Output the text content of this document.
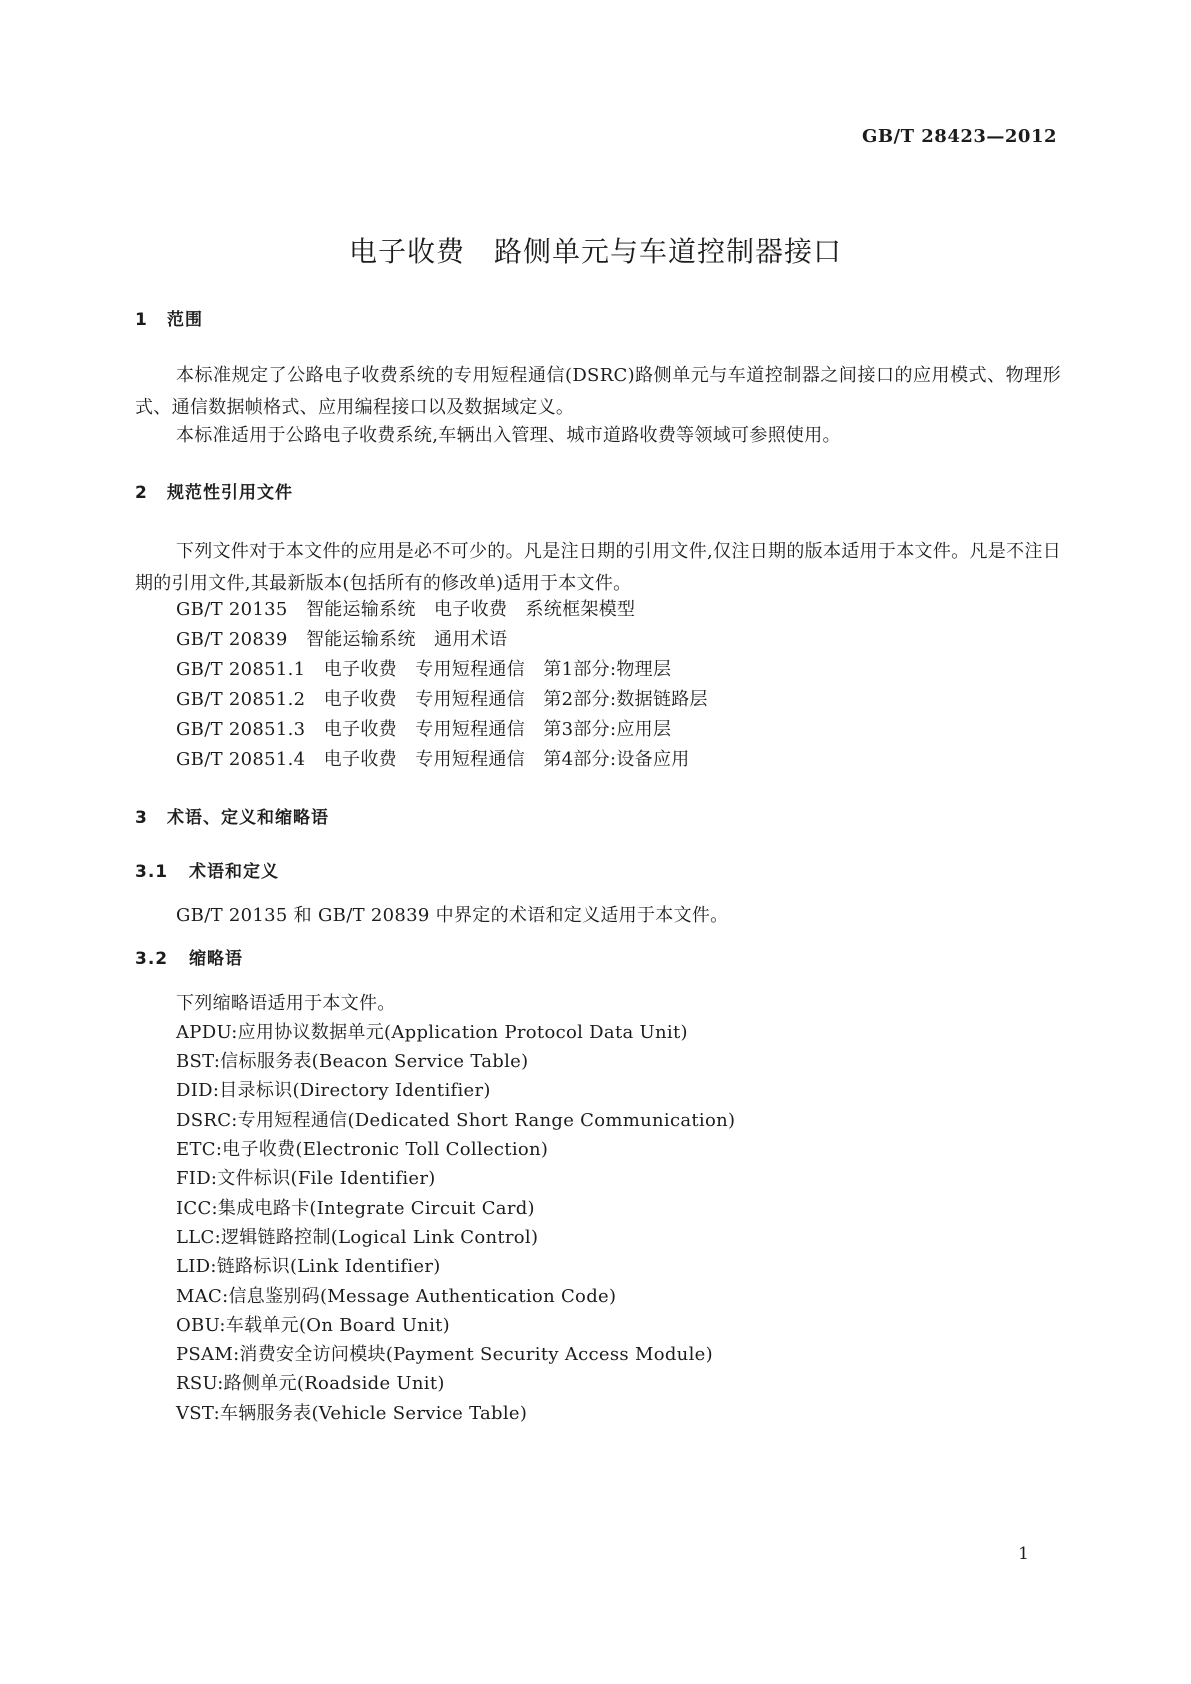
GB/T 28423—2012
电子收费　路侧单元与车道控制器接口
1 范围
本标准规定了公路电子收费系统的专用短程通信(DSRC)路侧单元与车道控制器之间接口的应用模式、物理形式、通信数据帧格式、应用编程接口以及数据域定义。
本标准适用于公路电子收费系统,车辆出入管理、城市道路收费等领域可参照使用。
2 规范性引用文件
下列文件对于本文件的应用是必不可少的。凡是注日期的引用文件,仅注日期的版本适用于本文件。凡是不注日期的引用文件,其最新版本(包括所有的修改单)适用于本文件。
GB/T 20135　智能运输系统　电子收费　系统框架模型
GB/T 20839　智能运输系统　通用术语
GB/T 20851.1　电子收费　专用短程通信　第1部分:物理层
GB/T 20851.2　电子收费　专用短程通信　第2部分:数据链路层
GB/T 20851.3　电子收费　专用短程通信　第3部分:应用层
GB/T 20851.4　电子收费　专用短程通信　第4部分:设备应用
3 术语、定义和缩略语
3.1 术语和定义
GB/T 20135 和 GB/T 20839 中界定的术语和定义适用于本文件。
3.2 缩略语
下列缩略语适用于本文件。
APDU:应用协议数据单元(Application Protocol Data Unit)
BST:信标服务表(Beacon Service Table)
DID:目录标识(Directory Identifier)
DSRC:专用短程通信(Dedicated Short Range Communication)
ETC:电子收费(Electronic Toll Collection)
FID:文件标识(File Identifier)
ICC:集成电路卡(Integrate Circuit Card)
LLC:逻辑链路控制(Logical Link Control)
LID:链路标识(Link Identifier)
MAC:信息鉴别码(Message Authentication Code)
OBU:车载单元(On Board Unit)
PSAM:消费安全访问模块(Payment Security Access Module)
RSU:路侧单元(Roadside Unit)
VST:车辆服务表(Vehicle Service Table)
1
